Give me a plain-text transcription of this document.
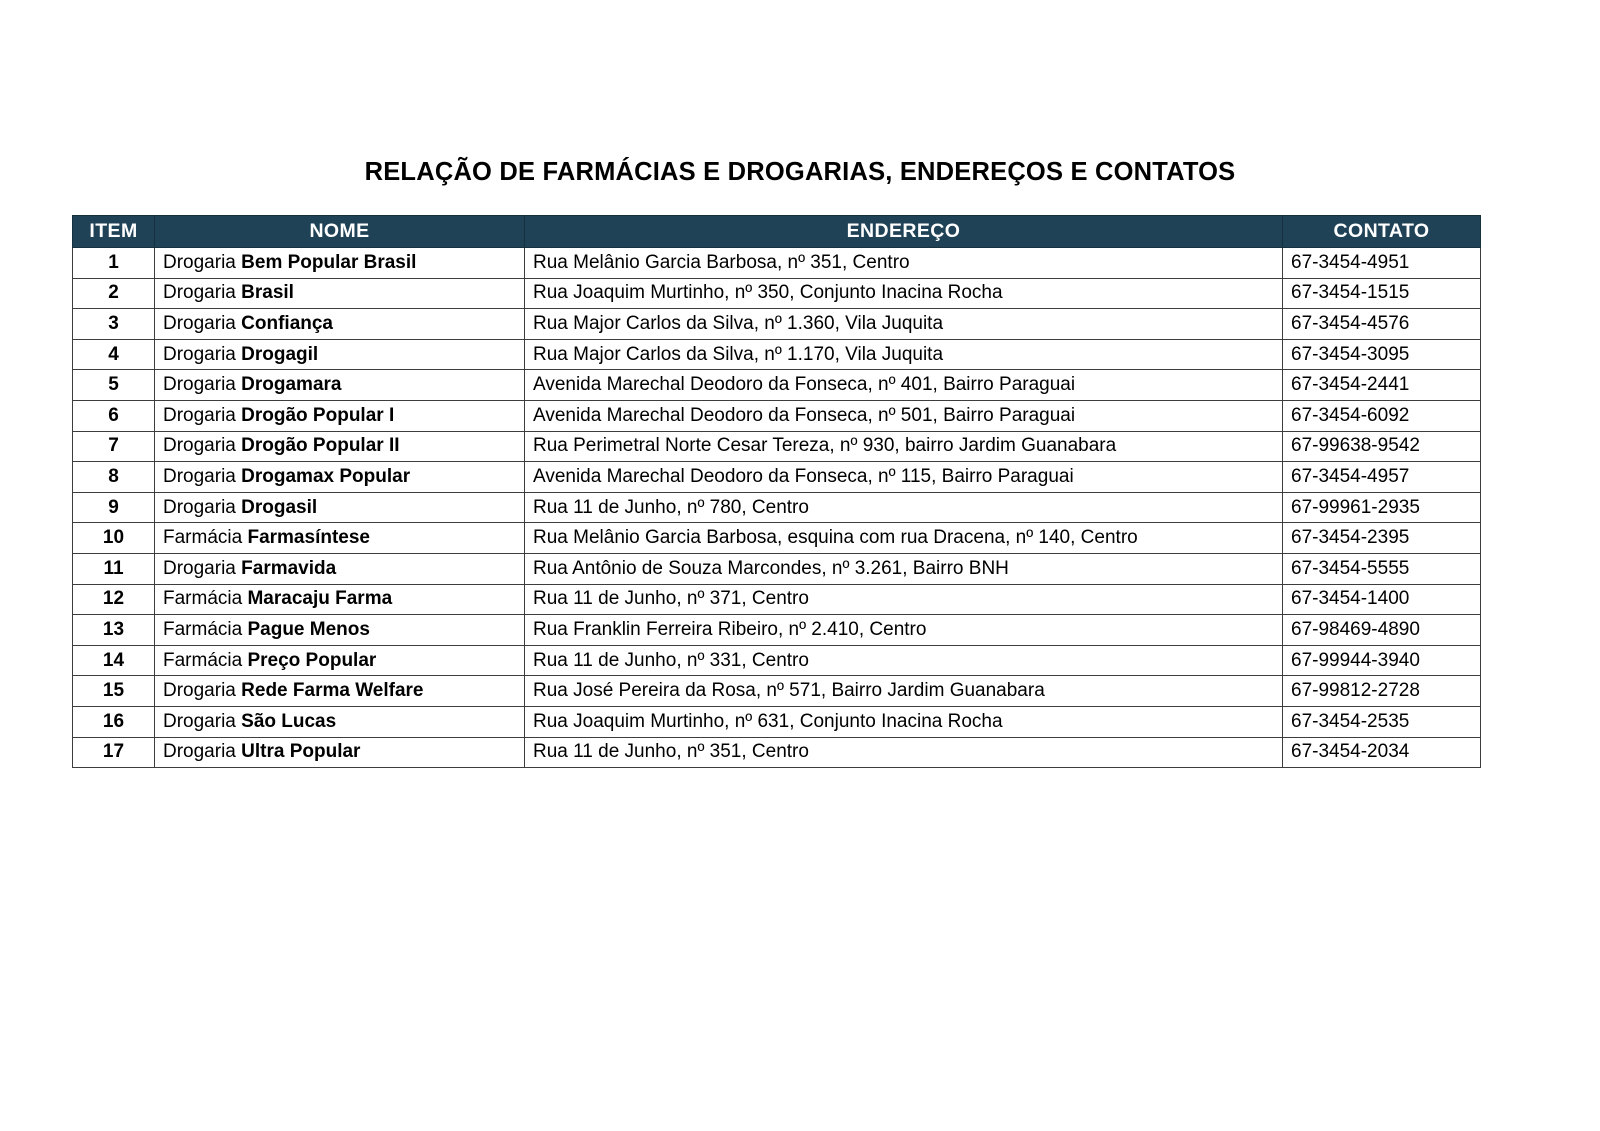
RELAÇÃO DE FARMÁCIAS E DROGARIAS, ENDEREÇOS E CONTATOS
ITEM	NOME	ENDEREÇO	CONTATO
1	Drogaria Bem Popular Brasil	Rua Melânio Garcia Barbosa, nº 351, Centro	67-3454-4951
2	Drogaria Brasil	Rua Joaquim Murtinho, nº 350, Conjunto Inacina Rocha	67-3454-1515
3	Drogaria Confiança	Rua Major Carlos da Silva, nº 1.360, Vila Juquita	67-3454-4576
4	Drogaria Drogagil	Rua Major Carlos da Silva, nº 1.170, Vila Juquita	67-3454-3095
5	Drogaria Drogamara	Avenida Marechal Deodoro da Fonseca, nº 401, Bairro Paraguai	67-3454-2441
6	Drogaria Drogão Popular I	Avenida Marechal Deodoro da Fonseca, nº 501, Bairro Paraguai	67-3454-6092
7	Drogaria Drogão Popular II	Rua Perimetral Norte Cesar Tereza, nº 930, bairro Jardim Guanabara	67-99638-9542
8	Drogaria Drogamax Popular	Avenida Marechal Deodoro da Fonseca, nº 115, Bairro Paraguai	67-3454-4957
9	Drogaria Drogasil	Rua 11 de Junho, nº 780, Centro	67-99961-2935
10	Farmácia Farmasíntese	Rua Melânio Garcia Barbosa, esquina com rua Dracena, nº 140, Centro	67-3454-2395
11	Drogaria Farmavida	Rua Antônio de Souza Marcondes, nº 3.261, Bairro BNH	67-3454-5555
12	Farmácia Maracaju Farma	Rua 11 de Junho, nº 371, Centro	67-3454-1400
13	Farmácia Pague Menos	Rua Franklin Ferreira Ribeiro, nº 2.410, Centro	67-98469-4890
14	Farmácia Preço Popular	Rua 11 de Junho, nº 331, Centro	67-99944-3940
15	Drogaria Rede Farma Welfare	Rua José Pereira da Rosa, nº 571, Bairro Jardim Guanabara	67-99812-2728
16	Drogaria São Lucas	Rua Joaquim Murtinho, nº 631, Conjunto Inacina Rocha	67-3454-2535
17	Drogaria Ultra Popular	Rua 11 de Junho, nº 351, Centro	67-3454-2034
